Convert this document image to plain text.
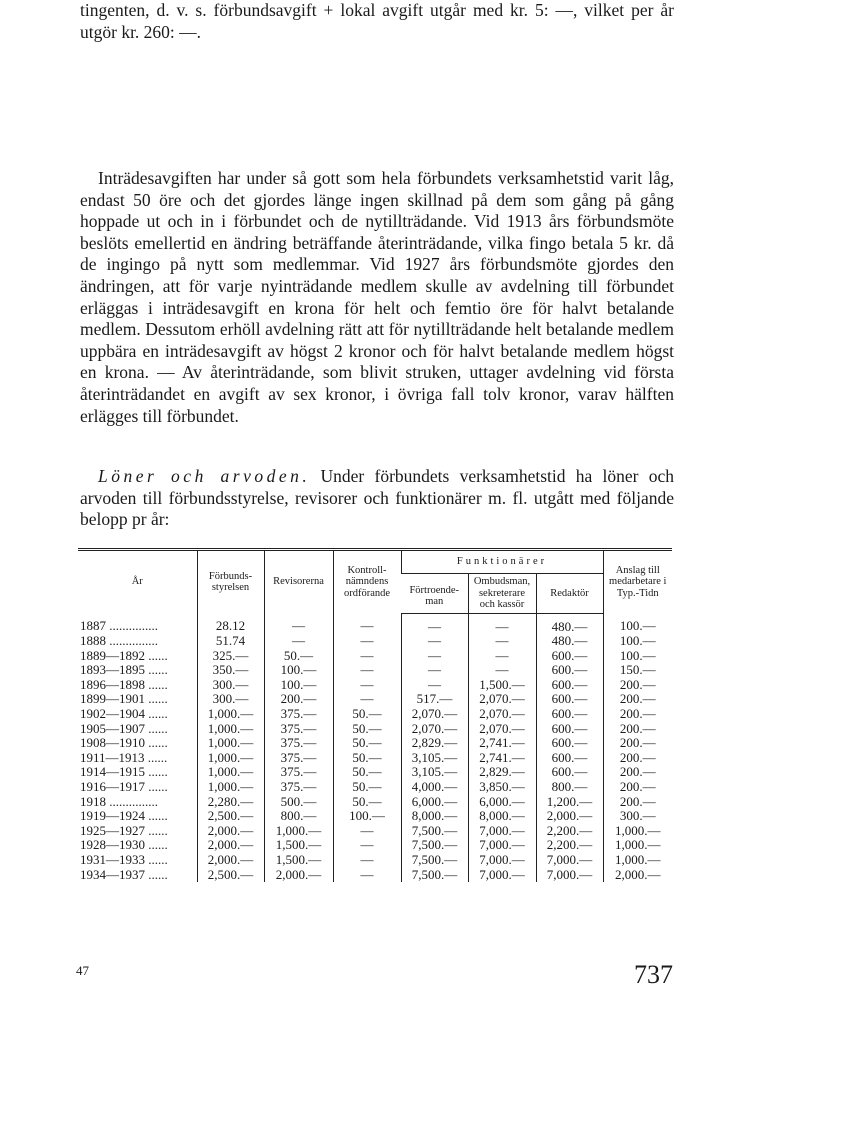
tingenten, d. v. s. förbundsavgift + lokal avgift utgår med kr. 5: —, vilket per år utgör kr. 260: —.

Inträdesavgiften har under så gott som hela förbundets verksamhetstid varit låg, endast 50 öre och det gjordes länge ingen skillnad på dem som gång på gång hoppade ut och in i förbundet och de nytillträdande. Vid 1913 års förbundsmöte beslöts emellertid en ändring beträffande återinträdande, vilka fingo betala 5 kr. då de ingingo på nytt som medlemmar. Vid 1927 års förbundsmöte gjordes den ändringen, att för varje nyinträdande medlem skulle av avdelning till förbundet erläggas i inträdesavgift en krona för helt och femtio öre för halvt betalande medlem. Dessutom erhöll avdelning rätt att för nytillträdande helt betalande medlem uppbära en inträdesavgift av högst 2 kronor och för halvt betalande medlem högst en krona. — Av återinträdande, som blivit struken, uttager avdelning vid första återinträdandet en avgift av sex kronor, i övriga fall tolv kronor, varav hälften erlägges till förbundet.

Löner och arvoden. Under förbundets verksamhetstid ha löner och arvoden till förbundsstyrelse, revisorer och funktionärer m. fl. utgått med följande belopp pr år:

År	Förbundsstyrelsen	Revisorerna	Kontrollnämndens ordförande	Funktionärer			Anslag till medarbetare i Typ.-Tidn
				Förtroendeman	Ombudsman, sekreterare och kassör	Redaktör	
1887 ...............	28.12	—	—	—	—	480.—	100.—
1888 ...............	51.74	—	—	—	—	480.—	100.—
1889—1892 ......	325.—	50.—	—	—	—	600.—	100.—
1893—1895 ......	350.—	100.—	—	—	—	600.—	150.—
1896—1898 ......	300.—	100.—	—	—	1,500.—	600.—	200.—
1899—1901 ......	300.—	200.—	—	517.—	2,070.—	600.—	200.—
1902—1904 ......	1,000.—	375.—	50.—	2,070.—	2,070.—	600.—	200.—
1905—1907 ......	1,000.—	375.—	50.—	2,070.—	2,070.—	600.—	200.—
1908—1910 ......	1,000.—	375.—	50.—	2,829.—	2,741.—	600.—	200.—
1911—1913 ......	1,000.—	375.—	50.—	3,105.—	2,741.—	600.—	200.—
1914—1915 ......	1,000.—	375.—	50.—	3,105.—	2,829.—	600.—	200.—
1916—1917 ......	1,000.—	375.—	50.—	4,000.—	3,850.—	800.—	200.—
1918 ...............	2,280.—	500.—	50.—	6,000.—	6,000.—	1,200.—	200.—
1919—1924 ......	2,500.—	800.—	100.—	8,000.—	8,000.—	2,000.—	300.—
1925—1927 ......	2,000.—	1,000.—	—	7,500.—	7,000.—	2,200.—	1,000.—
1928—1930 ......	2,000.—	1,500.—	—	7,500.—	7,000.—	2,200.—	1,000.—
1931—1933 ......	2,000.—	1,500.—	—	7,500.—	7,000.—	7,000.—	1,000.—
1934—1937 ......	2,500.—	2,000.—	—	7,500.—	7,000.—	7,000.—	2,000.—
47	737
